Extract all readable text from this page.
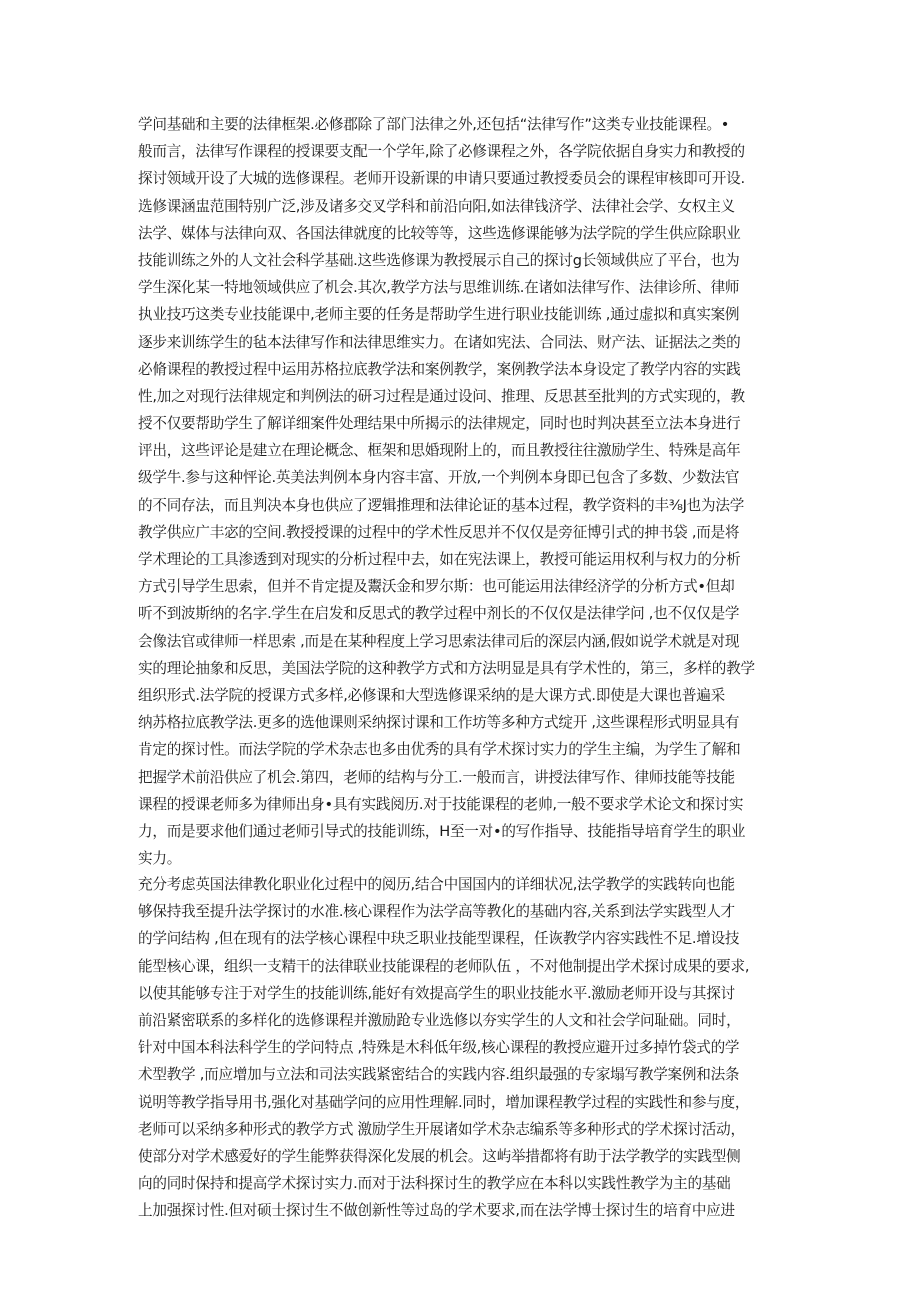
学问基础和主要的法律框架.必修郡除了部门法律之外,还包括“法律写作”这类专业技能课程。•
般而言，法律写作课程的授课要支配一个学年,除了必修课程之外，各学院依据自身实力和教授的
探讨领域开设了大城的选修课程。老师开设新课的申请只要通过教授委员会的课程审核即可开设.
选修课涵盅范围特别广泛,涉及诸多交叉学科和前沿向阳,如法律钱济学、法律社会学、女权主义
法学、媒体与法律向双、各国法律就度的比较等等，这些选修课能够为法学院的学生供应除职业
技能训练之外的人文社会科学基础.这些选修课为教授展示自己的探讨g长领域供应了平台，也为
学生深化某一特地领域供应了机会.其次,教学方法与思维训练.在诸如法律写作、法律诊所、律师
执业技巧这类专业技能课中,老师主要的任务是帮助学生进行职业技能训练 ,通过虚拟和真实案例
逐步来训练学生的毡本法律写作和法律思维实力。在诸如宪法、合同法、财产法、证据法之类的
必脩课程的教授过程中运用苏格拉底教学法和案例教学，案例教学法本身设定了教学内容的实践
性,加之对现行法律规定和判例法的研习过程是通过设问、推理、反思甚至批判的方式实现的，教
授不仅要帮助学生了解详细案件处理结果中所揭示的法律规定，同时也时判决甚至立法本身进行
评出，这些评论是建立在理论概念、框架和思婚现附上的，而且教授往往激励学生、特殊是高年
级学牛.参与这种怦论.英美法判例本身内容丰富、开放,一个判例本身即已包含了多数、少数法官
的不同存法，而且判决本身也供应了逻辑推理和法律论证的基本过程，教学资料的丰⅜J也为法学
教学供应广丰宓的空间.教授授课的过程中的学术性反思并不仅仅是旁征博引式的抻书袋 ,而是将
学术理论的工具渗透到对现实的分析过程中去，如在宪法课上，教授可能运用权利与权力的分析
方式引导学生思索，但并不肯定提及鬻沃金和罗尔斯：也可能运用法律经济学的分析方式•但却
听不到波斯纳的名字.学生在启发和反思式的教学过程中剂长的不仅仅是法律学问 ,也不仅仅是学
会像法官或律师一样思索 ,而是在某种程度上学习思索法律司后的深层内涵,假如说学术就是对现
实的理论抽象和反思，美国法学院的这种教学方式和方法明显是具有学术性的，第三，多样的教学
组织形式.法学院的授课方式多样,必修课和大型选修课采纳的是大课方式.即使是大课也普遍采
纳苏格拉底教学法.更多的选他课则采纳探讨课和工作坊等多种方式绽开 ,这些课程形式明显具有
肯定的探讨性。而法学院的学术杂志也多由优秀的具有学术探讨实力的学生主编，为学生了解和
把握学术前沿供应了机会.第四，老师的结构与分工.一般而言，讲授法律写作、律师技能等技能
课程的授课老师多为律师出身•具有实践阅历.对于技能课程的老帅,一般不要求学术论文和探讨实
力，而是要求他们通过老师引导式的技能训练，H至一对•的写作指导、技能指导培育学生的职业
实力。
充分考虑英国法律教化职业化过程中的阅历,结合中国国内的详细状况,法学教学的实践转向也能
够保持我至提升法学探讨的水准.核心课程作为法学高等教化的基础内容,关系到法学实践型人才
的学问结构 ,但在现有的法学核心课程中玦乏职业技能型课程，任诙教学内容实践性不足.增设技
能型核心课，组织一支精干的法律联业技能课程的老师队伍 ，不对他制提出学术探讨成果的要求,
以使其能够专注于对学生的技能训练,能好有效提高学生的职业技能水平.激励老师开设与其探讨
前沿紧密联系的多样化的选修课程并激励跄专业选修以夯实学生的人文和社会学问耻础。同时，
针对中国本科法科学生的学问特点 ,特殊是木科低年级,核心课程的教授应避开过多掉竹袋式的学
术型教学 ,而应增加与立法和司法实践紧密结合的实践内容.组织最强的专家塌写教学案例和法条
说明等教学指导用书,强化对基础学问的应用性理解.同时，增加课程教学过程的实践性和参与度，
老师可以采纳多种形式的教学方式 激励学生开展诸如学术杂志编系等多种形式的学术探讨活动，
使部分对学术感爱好的学生能弊获得深化发展的机会。这屿举措都将有助于法学教学的实践型侧
向的同时保持和提高学术探讨实力.而对于法科探讨生的教学应在本科以实践性教学为主的基础
上加强探讨性.但对硕士探讨生不做创新性等过岛的学术要求,而在法学博士探讨生的培育中应进
